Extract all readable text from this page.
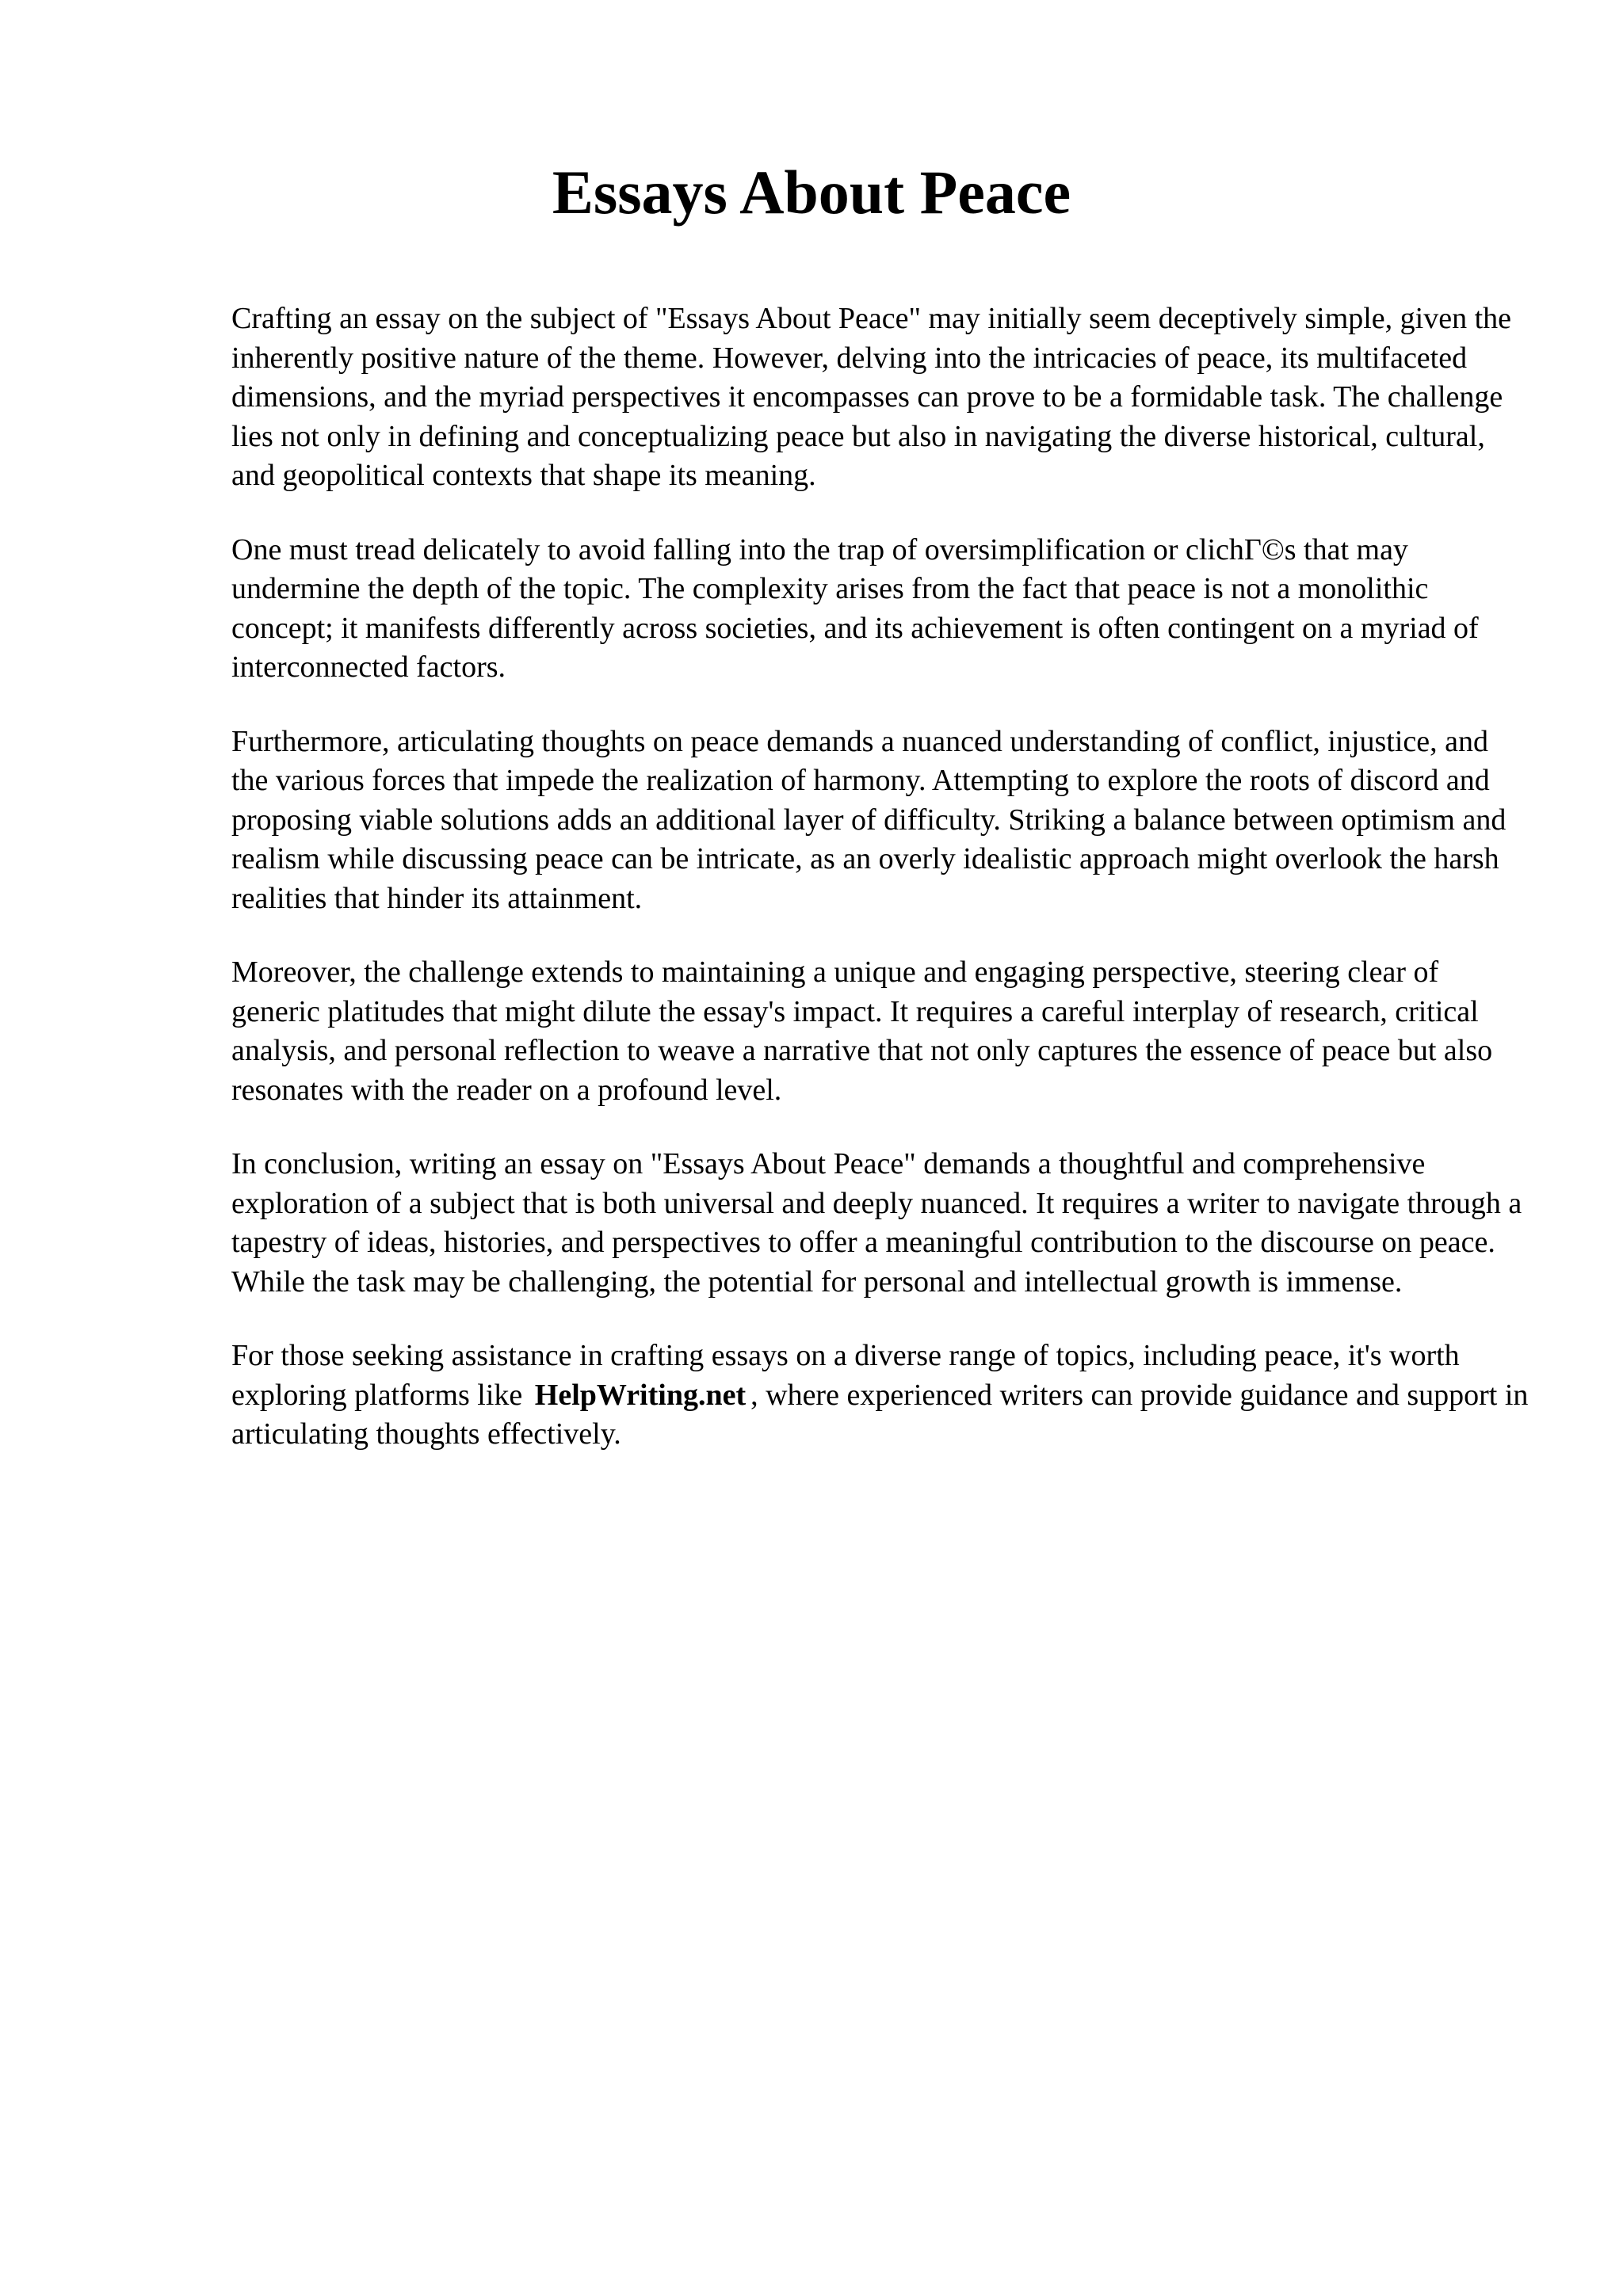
Essays About Peace

Crafting an essay on the subject of "Essays About Peace" may initially seem deceptively simple, given the inherently positive nature of the theme. However, delving into the intricacies of peace, its multifaceted dimensions, and the myriad perspectives it encompasses can prove to be a formidable task. The challenge lies not only in defining and conceptualizing peace but also in navigating the diverse historical, cultural, and geopolitical contexts that shape its meaning.

One must tread delicately to avoid falling into the trap of oversimplification or clichΓ©s that may undermine the depth of the topic. The complexity arises from the fact that peace is not a monolithic concept; it manifests differently across societies, and its achievement is often contingent on a myriad of interconnected factors.

Furthermore, articulating thoughts on peace demands a nuanced understanding of conflict, injustice, and the various forces that impede the realization of harmony. Attempting to explore the roots of discord and proposing viable solutions adds an additional layer of difficulty. Striking a balance between optimism and realism while discussing peace can be intricate, as an overly idealistic approach might overlook the harsh realities that hinder its attainment.

Moreover, the challenge extends to maintaining a unique and engaging perspective, steering clear of generic platitudes that might dilute the essay's impact. It requires a careful interplay of research, critical analysis, and personal reflection to weave a narrative that not only captures the essence of peace but also resonates with the reader on a profound level.

In conclusion, writing an essay on "Essays About Peace" demands a thoughtful and comprehensive exploration of a subject that is both universal and deeply nuanced. It requires a writer to navigate through a tapestry of ideas, histories, and perspectives to offer a meaningful contribution to the discourse on peace. While the task may be challenging, the potential for personal and intellectual growth is immense.

For those seeking assistance in crafting essays on a diverse range of topics, including peace, it's worth exploring platforms like HelpWriting.net , where experienced writers can provide guidance and support in articulating thoughts effectively.
